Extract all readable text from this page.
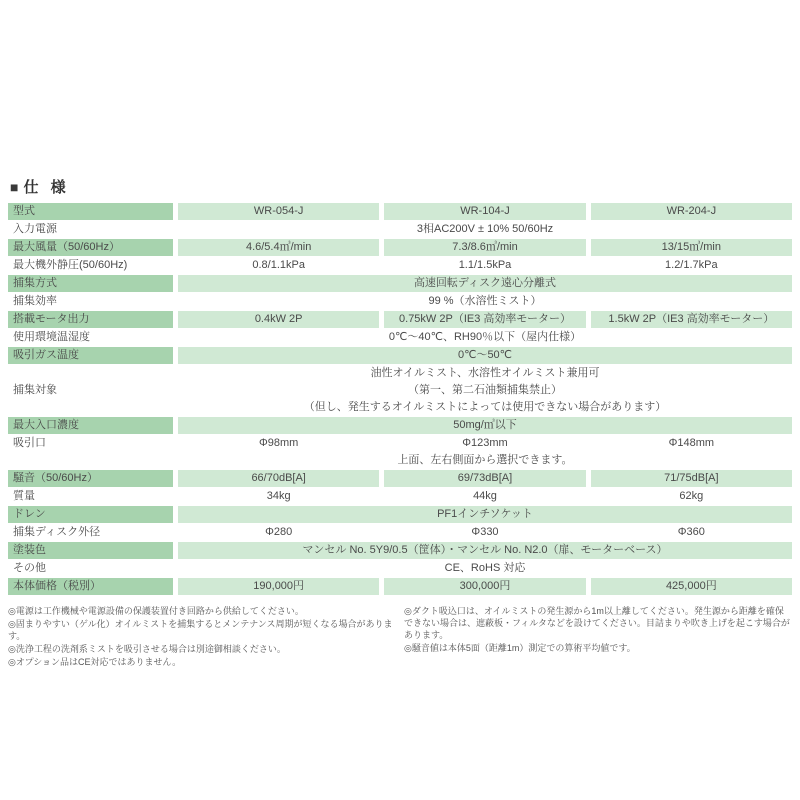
■ 仕 様
型式	WR-054-J	WR-104-J	WR-204-J
入力電源	3相AC200V ± 10% 50/60Hz
最大風量（50/60Hz）	4.6/5.4㎥/min	7.3/8.6㎥/min	13/15㎥/min
最大機外静圧(50/60Hz)	0.8/1.1kPa	1.1/1.5kPa	1.2/1.7kPa
捕集方式	高速回転ディスク遠心分離式
捕集効率	99 %（水溶性ミスト）
搭載モータ出力	0.4kW 2P	0.75kW 2P（IE3 高効率モーター）	1.5kW 2P（IE3 高効率モーター）
使用環境温湿度	0℃～40℃、RH90％以下（屋内仕様）
吸引ガス温度	0℃～50℃
捕集対象
油性オイルミスト、水溶性オイルミスト兼用可
（第一、第二石油類捕集禁止）
（但し、発生するオイルミストによっては使用できない場合があります）
最大入口濃度	50mg/㎥以下
吸引口	Φ98mm	Φ123mm	Φ148mm
上面、左右側面から選択できます。
騒音（50/60Hz）	66/70dB[A]	69/73dB[A]	71/75dB[A]
質量	34kg	44kg	62kg
ドレン	PF1インチソケット
捕集ディスク外径	Φ280	Φ330	Φ360
塗装色	マンセル No. 5Y9/0.5（筐体）・マンセル No. N2.0（扉、モーターベース）
その他	CE、RoHS 対応
本体価格（税別）	190,000円	300,000円	425,000円

◎電源は工作機械や電源設備の保護装置付き回路から供給してください。

◎固まりやすい（ゲル化）オイルミストを捕集するとメンテナンス周期が短くなる場合があります。

◎洗浄工程の洗剤系ミストを吸引させる場合は別途御相談ください。

◎オプション品はCE対応ではありません。

◎ダクト吸込口は、オイルミストの発生源から1m以上離してください。発生源から距離を確保できない場合は、遮蔽板・フィルタなどを設けてください。目詰まりや吹き上げを起こす場合があります。

◎騒音値は本体5面（距離1m）測定での算術平均値です。
